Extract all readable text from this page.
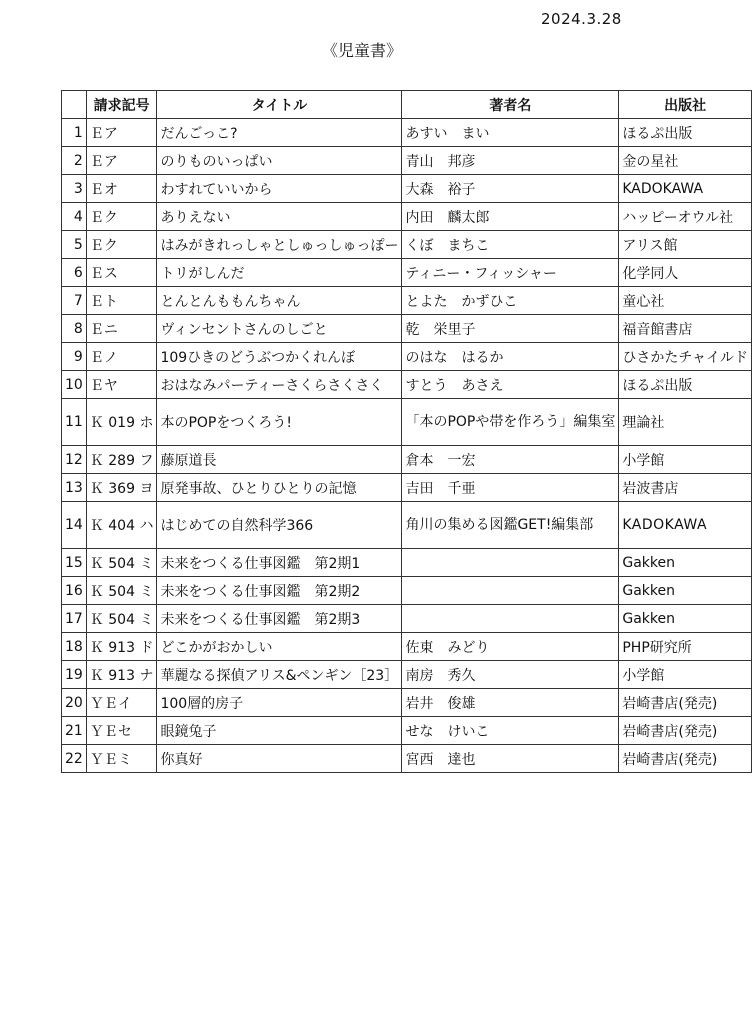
2024.3.28
《児童書》
	請求記号	タイトル	著者名	出版社
1	Ｅア	だんごっこ?	あすい　まい	ほるぷ出版
2	Ｅア	のりものいっぱい	青山　邦彦	金の星社
3	Ｅオ	わすれていいから	大森　裕子	KADOKAWA
4	Ｅク	ありえない	内田　麟太郎	ハッピーオウル社
5	Ｅク	はみがきれっしゃとしゅっしゅっぽー	くぼ　まちこ	アリス館
6	Ｅス	トリがしんだ	ティニー・フィッシャー	化学同人
7	Ｅト	とんとんももんちゃん	とよた　かずひこ	童心社
8	Ｅニ	ヴィンセントさんのしごと	乾　栄里子	福音館書店
9	Ｅノ	109ひきのどうぶつかくれんぼ	のはな　はるか	ひさかたチャイルド
10	Ｅヤ	おはなみパーティーさくらさくさく	すとう　あさえ	ほるぷ出版
11	Ｋ 019 ホ	本のPOPをつくろう!	「本のPOPや帯を作ろう」編集室	理論社
12	Ｋ 289 フ	藤原道長	倉本　一宏	小学館
13	Ｋ 369 ヨ	原発事故、ひとりひとりの記憶	吉田　千亜	岩波書店
14	Ｋ 404 ハ	はじめての自然科学366	角川の集める図鑑GET!編集部	KADOKAWA
15	Ｋ 504 ミ	未来をつくる仕事図鑑　第2期1		Gakken
16	Ｋ 504 ミ	未来をつくる仕事図鑑　第2期2		Gakken
17	Ｋ 504 ミ	未来をつくる仕事図鑑　第2期3		Gakken
18	Ｋ 913 ド	どこかがおかしい	佐東　みどり	PHP研究所
19	Ｋ 913 ナ	華麗なる探偵アリス&ペンギン［23］	南房　秀久	小学館
20	ＹＥイ	100層的房子	岩井　俊雄	岩崎書店(発売)
21	ＹＥセ	眼鏡兔子	せな　けいこ	岩崎書店(発売)
22	ＹＥミ	你真好	宮西　達也	岩崎書店(発売)
